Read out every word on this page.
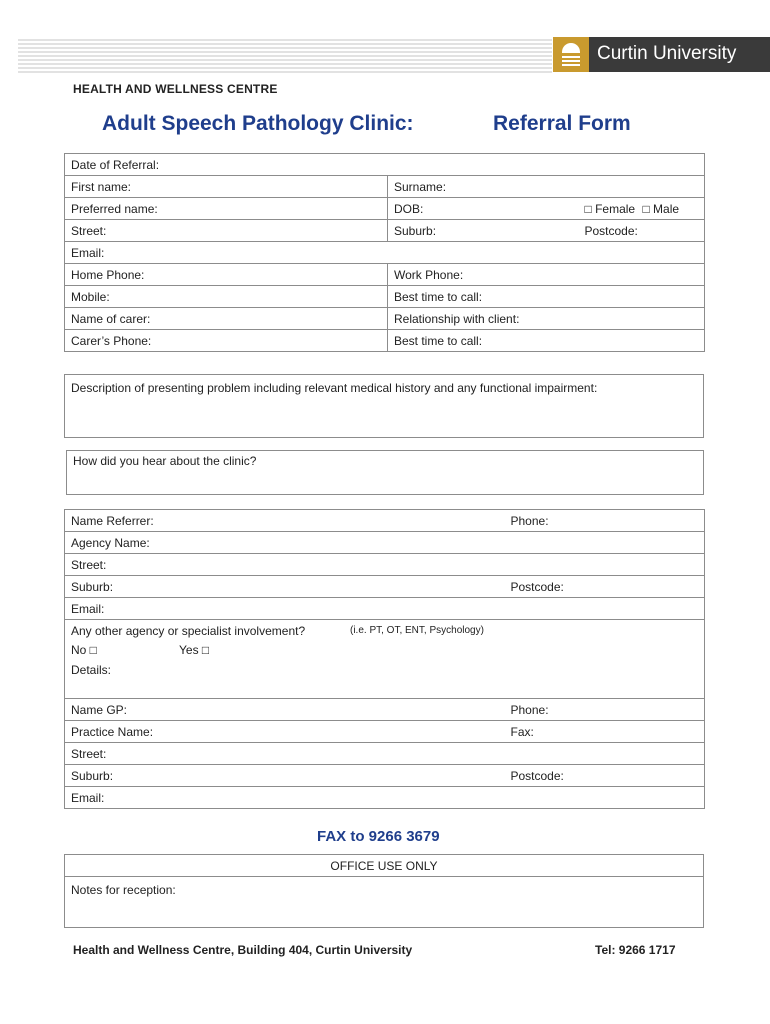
Curtin University
HEALTH AND WELLNESS CENTRE
Adult Speech Pathology Clinic:	Referral Form
Date of Referral:		
First name:	Surname:	
Preferred name:	DOB:	□ Female □ Male
Street:	Suburb:	Postcode:
Email:		
Home Phone:	Work Phone:	
Mobile:	Best time to call:	
Name of carer:	Relationship with client:	
Carer’s Phone:	Best time to call:	
Description of presenting problem including relevant medical history and any functional impairment:
How did you hear about the clinic?
Name Referrer:	Phone:
Agency Name:	
Street:	
Suburb:	Postcode:
Email:	

Any other agency or specialist involvement? (i.e. PT, OT, ENT, Psychology)
No □ Yes □
Details:	

Name GP:	Phone:
Practice Name:	Fax:
Street:	
Suburb:	Postcode:
Email:	
FAX to 9266 3679
OFFICE USE ONLY
Notes for reception:
Health and Wellness Centre, Building 404, Curtin University	Tel: 9266 1717
